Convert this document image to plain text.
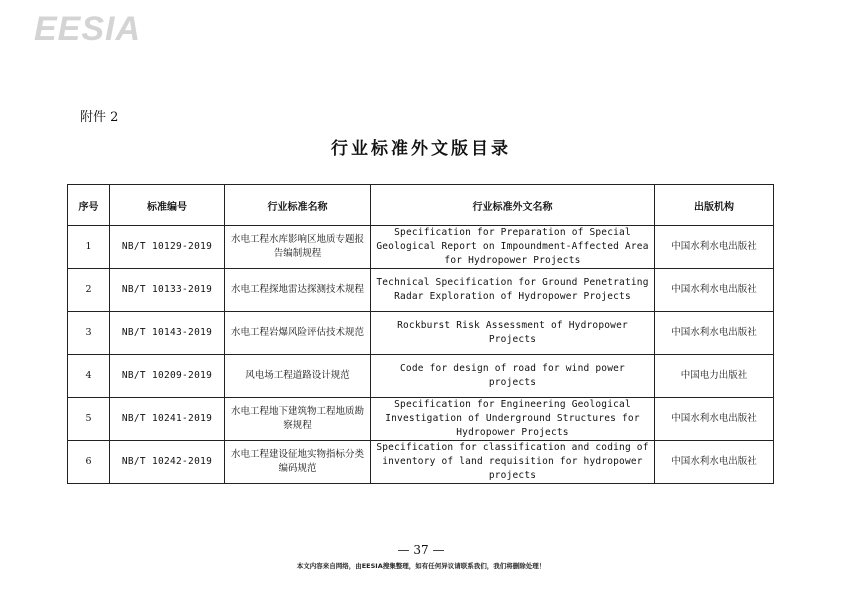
EESIA
附件 2
行业标准外文版目录
序号	标准编号	行业标准名称	行业标准外文名称	出版机构
1	NB/T 10129-2019	水电工程水库影响区地质专题报告编制规程	Specification for Preparation of Special Geological Report on Impoundment-Affected Area for Hydropower Projects	中国水利水电出版社
2	NB/T 10133-2019	水电工程探地雷达探测技术规程	Technical Specification for Ground Penetrating Radar Exploration of Hydropower Projects	中国水利水电出版社
3	NB/T 10143-2019	水电工程岩爆风险评估技术规范	Rockburst Risk Assessment of Hydropower Projects	中国水利水电出版社
4	NB/T 10209-2019	风电场工程道路设计规范	Code for design of road for wind power projects	中国电力出版社
5	NB/T 10241-2019	水电工程地下建筑物工程地质勘察规程	Specification for Engineering Geological Investigation of Underground Structures for Hydropower Projects	中国水利水电出版社
6	NB/T 10242-2019	水电工程建设征地实物指标分类编码规范	Specification for classification and coding of inventory of land requisition for hydropower projects	中国水利水电出版社
— 37 —
本文内容来自网络，由EESIA搜集整理，如有任何异议请联系我们，我们将删除处理！
